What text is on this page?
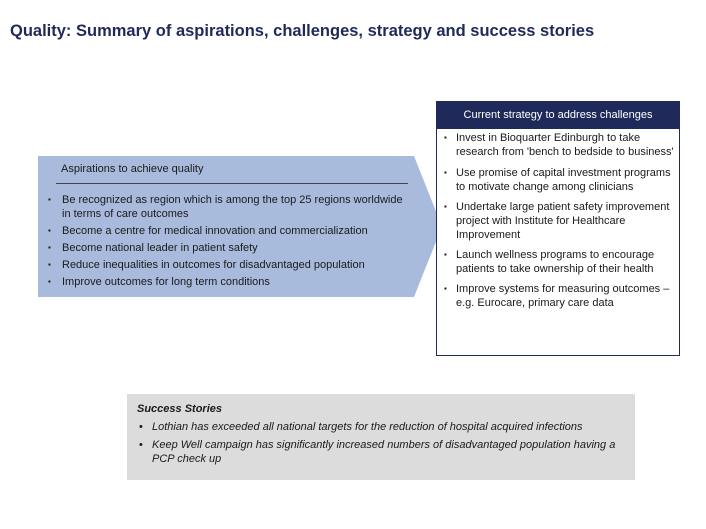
Quality: Summary of aspirations, challenges, strategy and success stories
Aspirations to achieve quality
▪ Be recognized as region which is among the top 25 regions worldwide in terms of care outcomes
▪ Become a centre for medical innovation and commercialization
▪ Become national leader in patient safety
▪ Reduce inequalities in outcomes for disadvantaged population
▪ Improve outcomes for long term conditions
Current strategy to address challenges
▪ Invest in Bioquarter Edinburgh to take research from 'bench to bedside to business'
▪ Use promise of capital investment programs to motivate change among clinicians
▪ Undertake large patient safety improvement project with Institute for Healthcare Improvement
▪ Launch wellness programs to encourage patients to take ownership of their health
▪ Improve systems for measuring outcomes – e.g. Eurocare, primary care data
Success Stories
• Lothian has exceeded all national targets for the reduction of hospital acquired infections
• Keep Well campaign has significantly increased numbers of disadvantaged population having a PCP check up
